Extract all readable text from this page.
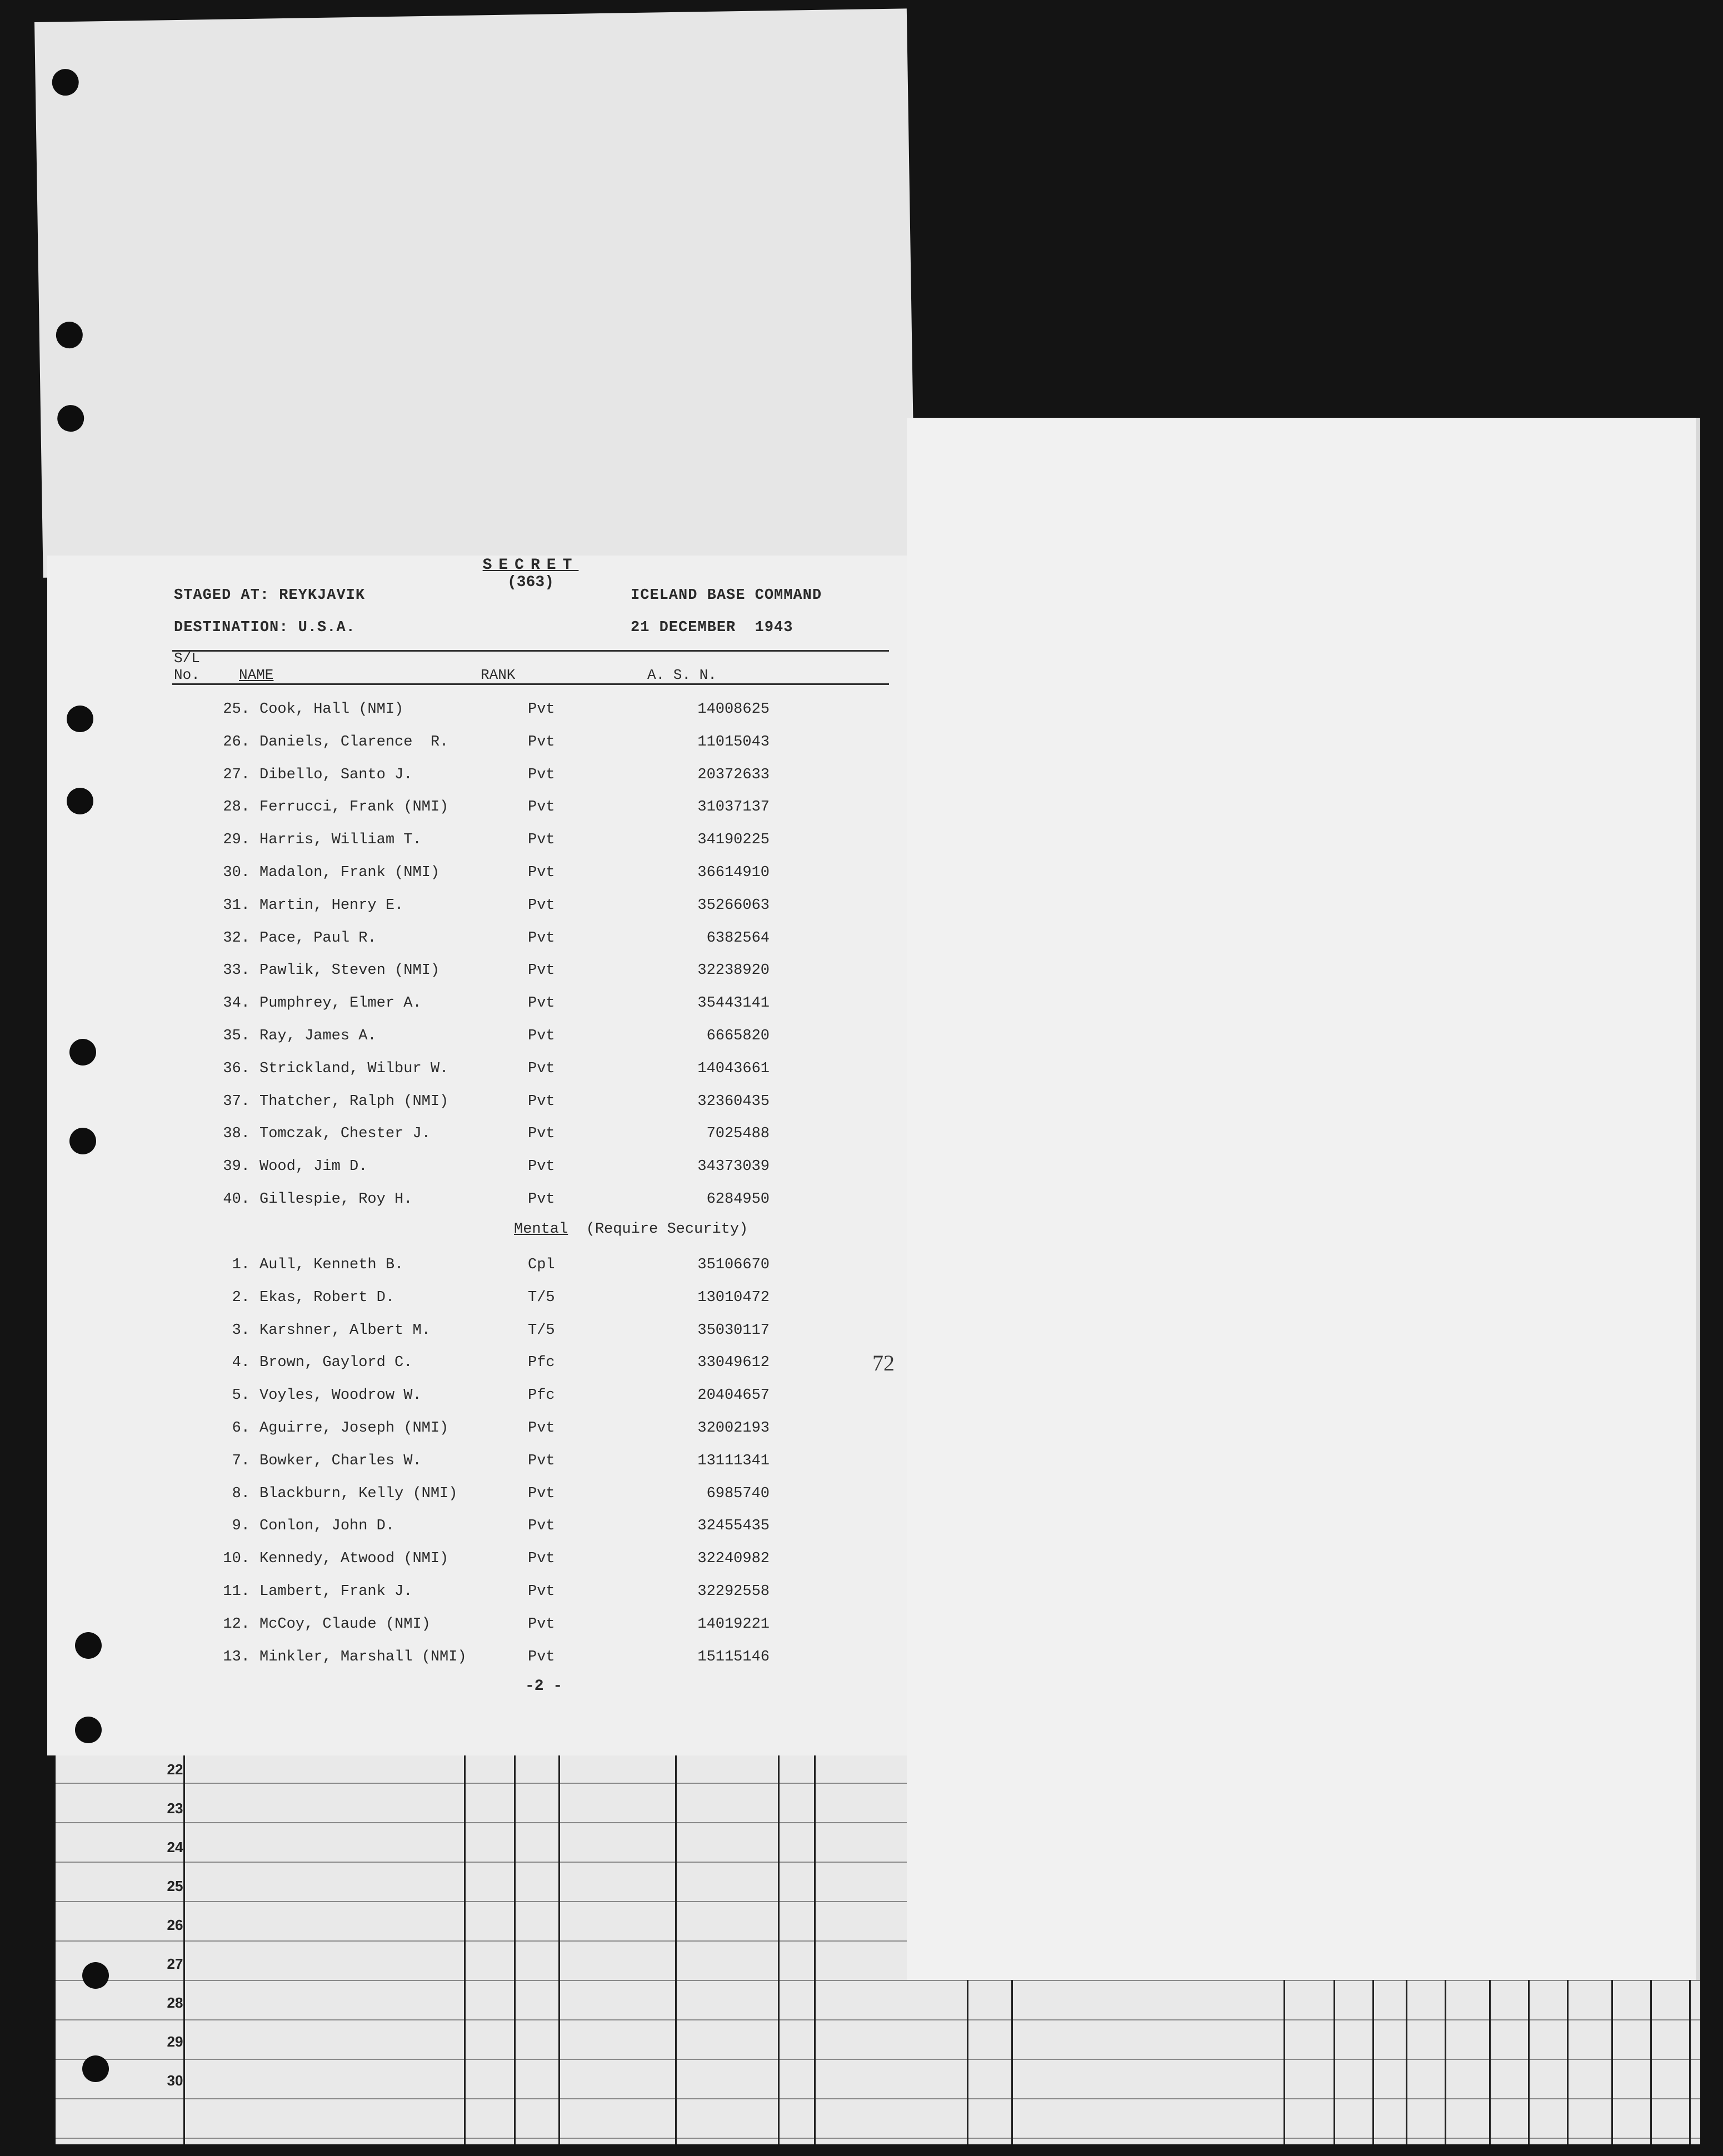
22
23
24
25
26
27
28
29
30
SECRET
(363)
STAGED AT: REYKJAVIK	ICELAND BASE COMMAND
DESTINATION: U.S.A.	21 DECEMBER  1943
S/L
No.	NAME	RANK	A. S. N.
25. Cook, Hall (NMI)	Pvt	14008625
26. Daniels, Clarence  R.	Pvt	11015043
27. Dibello, Santo J.	Pvt	20372633
28. Ferrucci, Frank (NMI)	Pvt	31037137
29. Harris, William T.	Pvt	34190225
30. Madalon, Frank (NMI)	Pvt	36614910
31. Martin, Henry E.	Pvt	35266063
32. Pace, Paul R.	Pvt	6382564
33. Pawlik, Steven (NMI)	Pvt	32238920
34. Pumphrey, Elmer A.	Pvt	35443141
35. Ray, James A.	Pvt	6665820
36. Strickland, Wilbur W.	Pvt	14043661
37. Thatcher, Ralph (NMI)	Pvt	32360435
38. Tomczak, Chester J.	Pvt	7025488
39. Wood, Jim D.	Pvt	34373039
40. Gillespie, Roy H.	Pvt	6284950
Mental (Require Security)
1. Aull, Kenneth B.	Cpl	35106670
2. Ekas, Robert D.	T/5	13010472
3. Karshner, Albert M.	T/5	35030117
4. Brown, Gaylord C.	Pfc	33049612
5. Voyles, Woodrow W.	Pfc	20404657
6. Aguirre, Joseph (NMI)	Pvt	32002193
7. Bowker, Charles W.	Pvt	13111341
8. Blackburn, Kelly (NMI)	Pvt	6985740
9. Conlon, John D.	Pvt	32455435
10. Kennedy, Atwood (NMI)	Pvt	32240982
11. Lambert, Frank J.	Pvt	32292558
12. McCoy, Claude (NMI)	Pvt	14019221
13. Minkler, Marshall (NMI)	Pvt	15115146
-2 -
72
